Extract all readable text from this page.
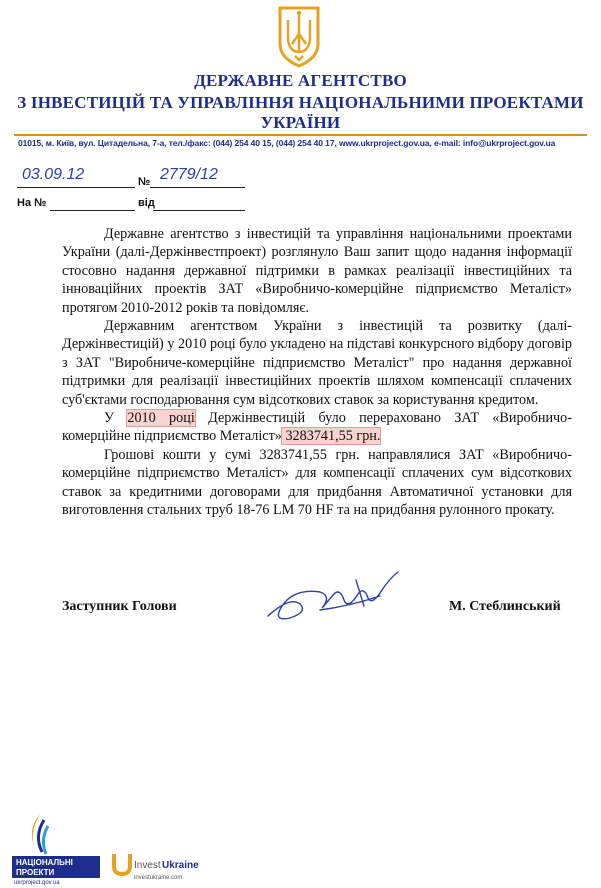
ДЕРЖАВНЕ АГЕНТСТВО
З ІНВЕСТИЦІЙ ТА УПРАВЛІННЯ НАЦІОНАЛЬНИМИ ПРОЕКТАМИ
УКРАЇНИ
01015, м. Київ, вул. Цитадельна, 7-а, тел./факс: (044) 254 40 15, (044) 254 40 17, www.ukrproject.gov.ua, e-mail: info@ukrproject.gov.ua
03.09.12	№ 2779/12
На №	від

Державне агентство з інвестицій та управління національними проектами України (далі-Держінвестпроект) розглянуло Ваш запит щодо надання інформації стосовно надання державної підтримки в рамках реалізації інвестиційних та інноваційних проектів ЗАТ «Виробничо-комерційне підприємство Металіст» протягом 2010-2012 років та повідомляє.

Державним агентством України з інвестицій та розвитку (далі-Держінвестицій) у 2010 році було укладено на підставі конкурсного відбору договір з ЗАТ "Виробниче-комерційне підприємство Металіст" про надання державної підтримки для реалізації інвестиційних проектів шляхом компенсації сплачених суб'єктами господарювання сум відсоткових ставок за користування кредитом.

У 2010 році Держінвестицій було перераховано ЗАТ «Виробничо-комерційне підприємство Металіст» 3283741,55 грн.

Грошові кошти у сумі 3283741,55 грн. направлялися ЗАТ «Виробничо-комерційне підприємство Металіст» для компенсації сплачених сум відсоткових ставок за кредитними договорами для придбання Автоматичної установки для виготовлення стальних труб 18-76 LM 70 HF та на придбання рулонного прокату.

Заступник Голови	М. Стеблинський
НАЦІОНАЛЬНІ
ПРОЕКТИ
ukrproject.gov.ua
Invest Ukraine
investukraine.com
